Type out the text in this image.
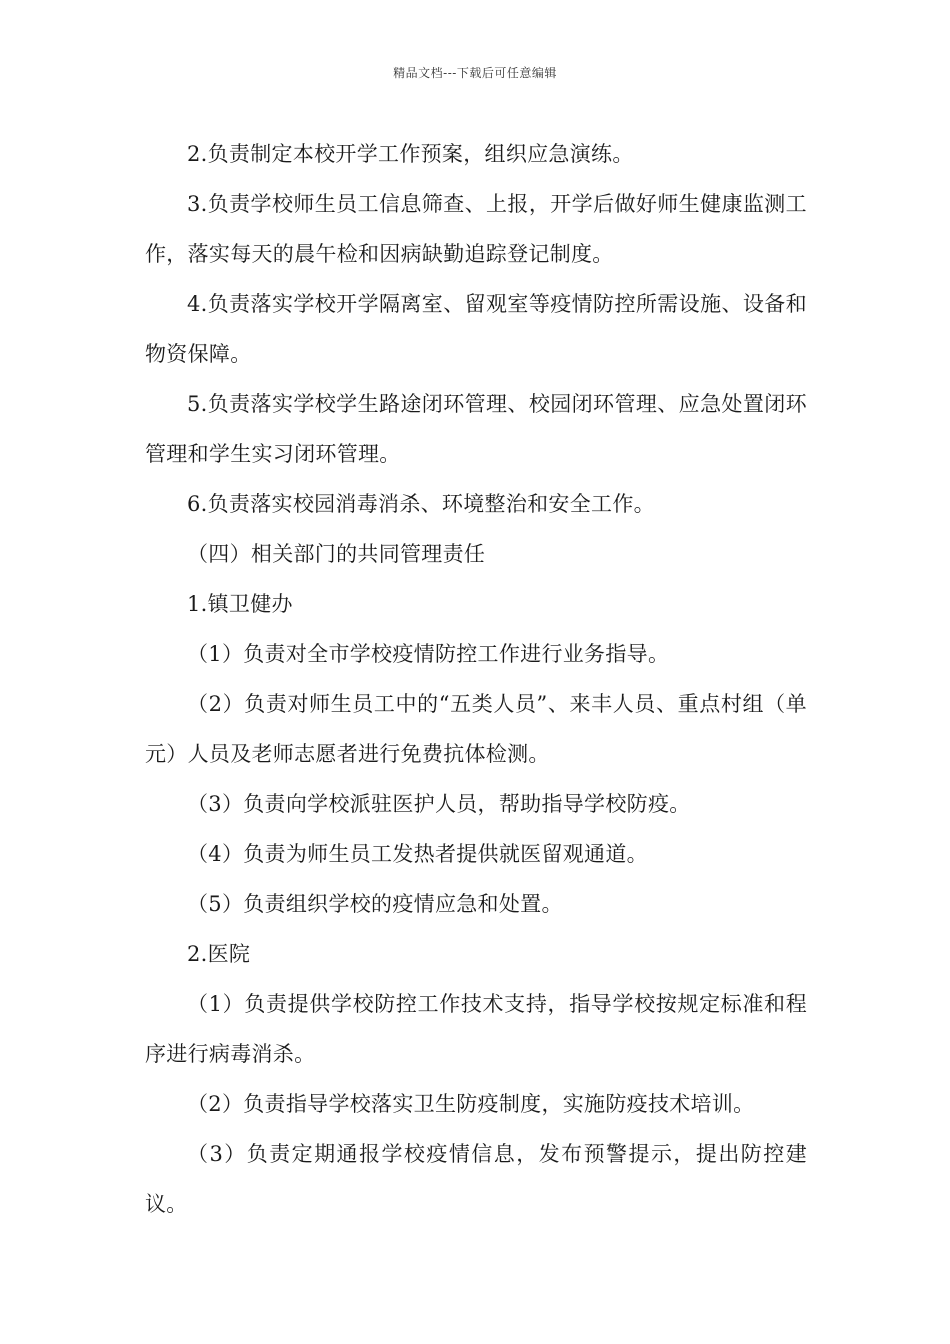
精品文档---下载后可任意编辑

2.负责制定本校开学工作预案，组织应急演练。

3.负责学校师生员工信息筛查、上报，开学后做好师生健康监测工作，落实每天的晨午检和因病缺勤追踪登记制度。

4.负责落实学校开学隔离室、留观室等疫情防控所需设施、设备和物资保障。

5.负责落实学校学生路途闭环管理、校园闭环管理、应急处置闭环管理和学生实习闭环管理。

6.负责落实校园消毒消杀、环境整治和安全工作。

（四）相关部门的共同管理责任

1.镇卫健办

（1）负责对全市学校疫情防控工作进行业务指导。

（2）负责对师生员工中的“五类人员”、来丰人员、重点村组（单元）人员及老师志愿者进行免费抗体检测。

（3）负责向学校派驻医护人员，帮助指导学校防疫。

（4）负责为师生员工发热者提供就医留观通道。

（5）负责组织学校的疫情应急和处置。

2.医院

（1）负责提供学校防控工作技术支持，指导学校按规定标准和程序进行病毒消杀。

（2）负责指导学校落实卫生防疫制度，实施防疫技术培训。

（3）负责定期通报学校疫情信息，发布预警提示，提出防控建议。
